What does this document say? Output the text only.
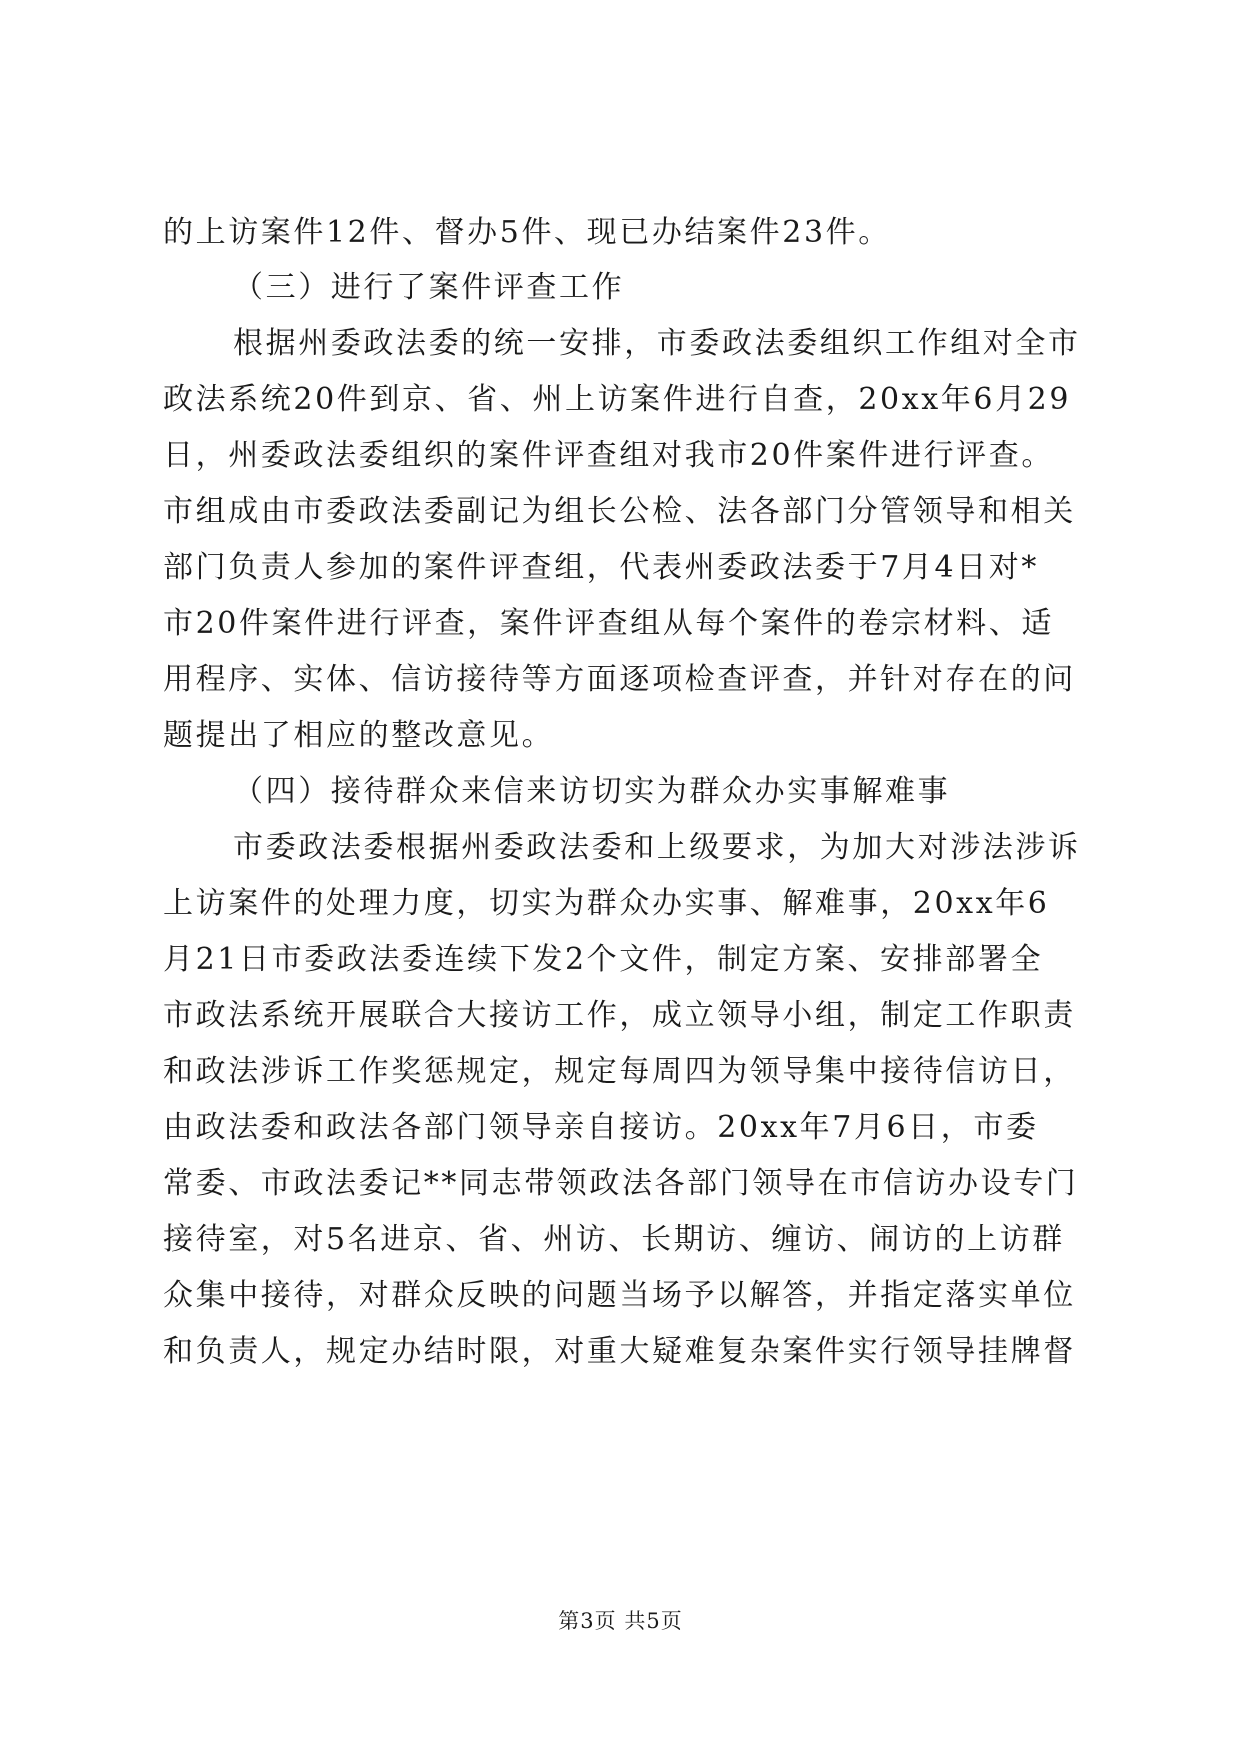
的上访案件12件、督办5件、现已办结案件23件。
（三）进行了案件评查工作
根据州委政法委的统一安排，市委政法委组织工作组对全市
政法系统20件到京、省、州上访案件进行自查，20xx年6月29
日，州委政法委组织的案件评查组对我市20件案件进行评查。
市组成由市委政法委副记为组长公检、法各部门分管领导和相关
部门负责人参加的案件评查组，代表州委政法委于7月4日对*
市20件案件进行评查，案件评查组从每个案件的卷宗材料、适
用程序、实体、信访接待等方面逐项检查评查，并针对存在的问
题提出了相应的整改意见。
（四）接待群众来信来访切实为群众办实事解难事
市委政法委根据州委政法委和上级要求，为加大对涉法涉诉
上访案件的处理力度，切实为群众办实事、解难事，20xx年6
月21日市委政法委连续下发2个文件，制定方案、安排部署全
市政法系统开展联合大接访工作，成立领导小组，制定工作职责
和政法涉诉工作奖惩规定，规定每周四为领导集中接待信访日，
由政法委和政法各部门领导亲自接访。20xx年7月6日，市委
常委、市政法委记**同志带领政法各部门领导在市信访办设专门
接待室，对5名进京、省、州访、长期访、缠访、闹访的上访群
众集中接待，对群众反映的问题当场予以解答，并指定落实单位
和负责人，规定办结时限，对重大疑难复杂案件实行领导挂牌督
第3页 共5页
